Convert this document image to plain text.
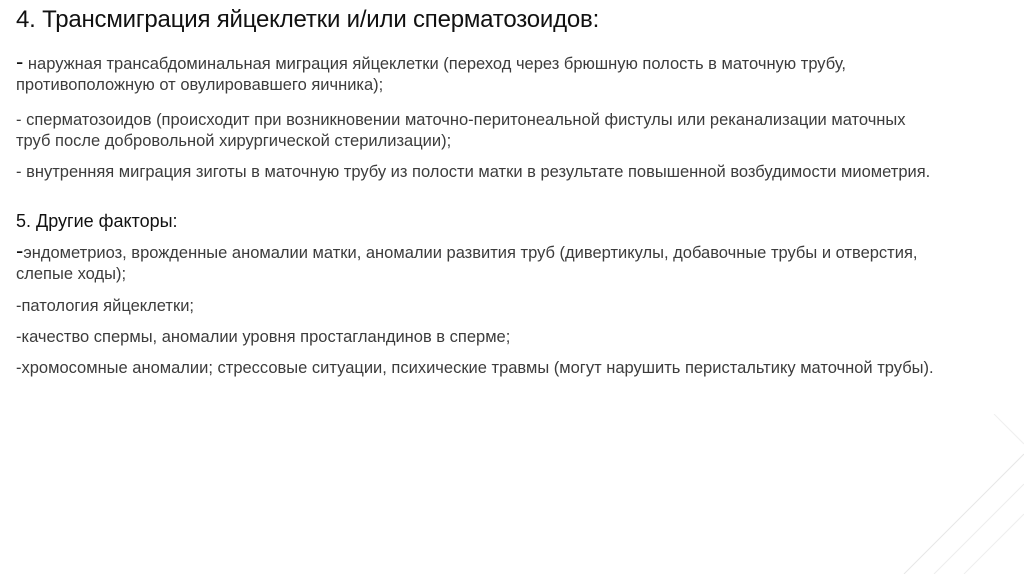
4. Трансмиграция яйцеклетки и/или сперматозоидов:

- наружная трансабдоминальная миграция яйцеклетки (переход через брюшную полость в маточную трубу, противоположную от овулировавшего яичника);

- сперматозоидов (происходит при возникновении маточно-перитонеальной фистулы или реканализации маточных труб после добровольной хирургической стерилизации);

- внутренняя миграция зиготы в маточную трубу из полости матки в результате повышенной возбудимости миометрия.

5. Другие факторы:

-эндометриоз, врожденные аномалии матки, аномалии развития труб (дивертикулы, добавочные трубы и отверстия, слепые ходы);

-патология яйцеклетки;

-качество спермы, аномалии уровня простагландинов в сперме;

-хромосомные аномалии; стрессовые ситуации, психические травмы (могут нарушить перистальтику маточной трубы).
